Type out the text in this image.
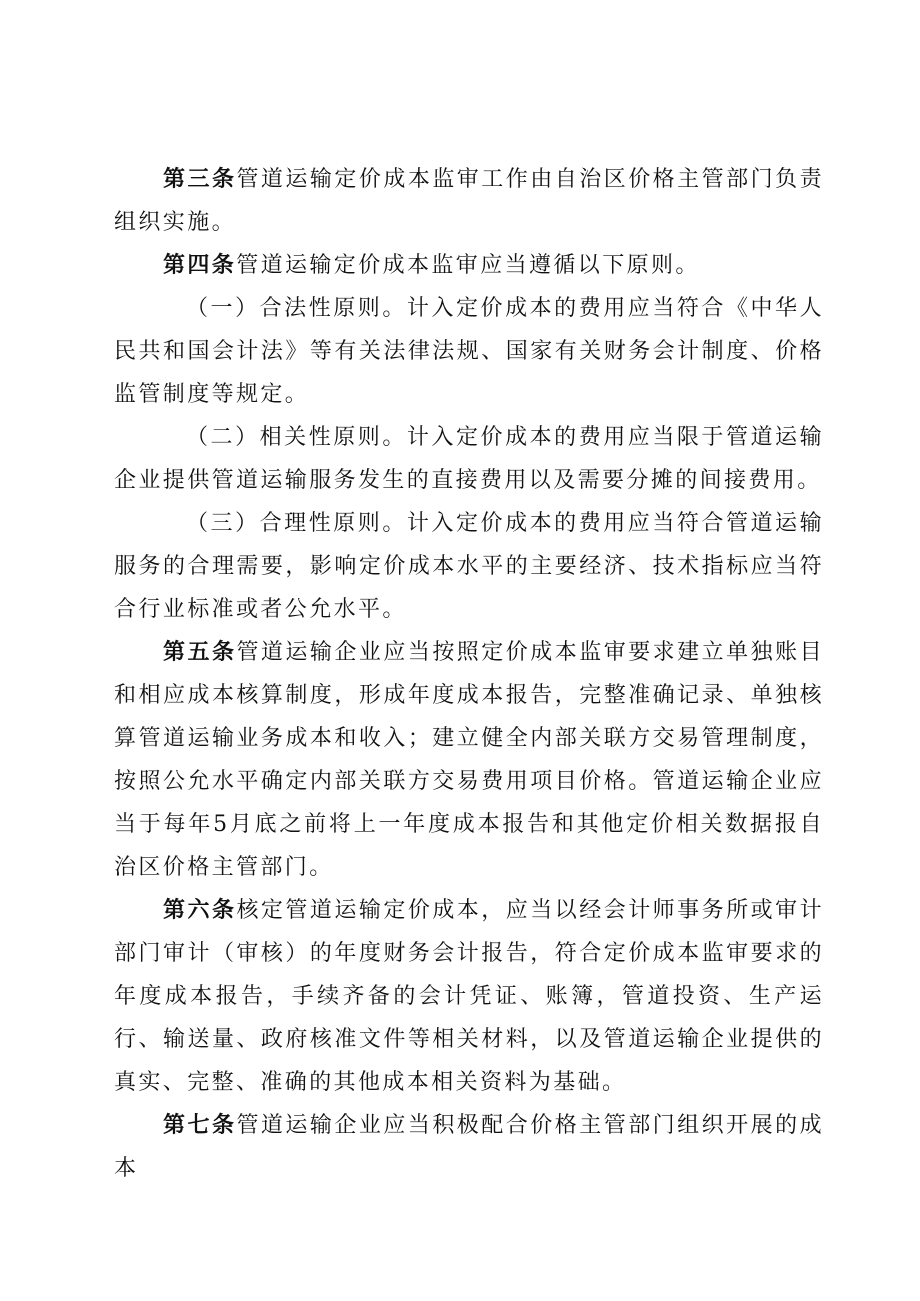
第三条管道运输定价成本监审工作由自治区价格主管部门负责组织实施。

第四条管道运输定价成本监审应当遵循以下原则。

（一）合法性原则。计入定价成本的费用应当符合《中华人民共和国会计法》等有关法律法规、国家有关财务会计制度、价格监管制度等规定。

（二）相关性原则。计入定价成本的费用应当限于管道运输企业提供管道运输服务发生的直接费用以及需要分摊的间接费用。

（三）合理性原则。计入定价成本的费用应当符合管道运输服务的合理需要，影响定价成本水平的主要经济、技术指标应当符合行业标准或者公允水平。

第五条管道运输企业应当按照定价成本监审要求建立单独账目和相应成本核算制度，形成年度成本报告，完整准确记录、单独核算管道运输业务成本和收入；建立健全内部关联方交易管理制度，按照公允水平确定内部关联方交易费用项目价格。管道运输企业应当于每年5月底之前将上一年度成本报告和其他定价相关数据报自治区价格主管部门。

第六条核定管道运输定价成本，应当以经会计师事务所或审计部门审计（审核）的年度财务会计报告，符合定价成本监审要求的年度成本报告，手续齐备的会计凭证、账簿，管道投资、生产运行、输送量、政府核准文件等相关材料，以及管道运输企业提供的真实、完整、准确的其他成本相关资料为基础。

第七条管道运输企业应当积极配合价格主管部门组织开展的成本
